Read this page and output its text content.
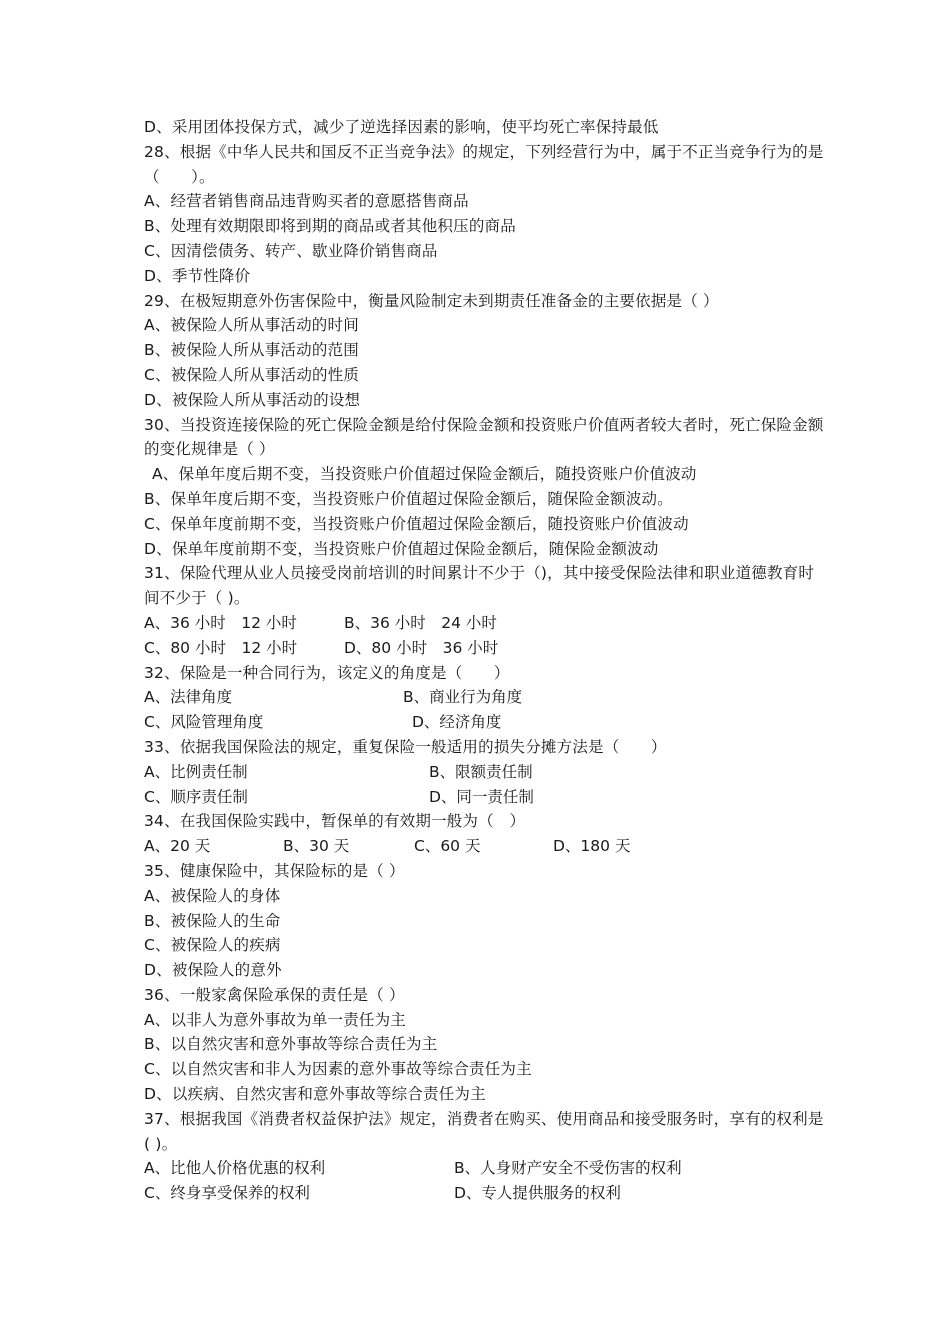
D、采用团体投保方式，减少了逆选择因素的影响，使平均死亡率保持最低
28、根据《中华人民共和国反不正当竞争法》的规定，下列经营行为中，属于不正当竞争行为的是（　　）。
A、经营者销售商品违背购买者的意愿搭售商品
B、处理有效期限即将到期的商品或者其他积压的商品
C、因清偿债务、转产、歇业降价销售商品
D、季节性降价
29、在极短期意外伤害保险中，衡量风险制定未到期责任准备金的主要依据是（ ）
A、被保险人所从事活动的时间
B、被保险人所从事活动的范围
C、被保险人所从事活动的性质
D、被保险人所从事活动的设想
30、当投资连接保险的死亡保险金额是给付保险金额和投资账户价值两者较大者时，死亡保险金额的变化规律是（ ）
A、保单年度后期不变，当投资账户价值超过保险金额后，随投资账户价值波动
B、保单年度后期不变，当投资账户价值超过保险金额后，随保险金额波动。
C、保单年度前期不变，当投资账户价值超过保险金额后，随投资账户价值波动
D、保单年度前期不变，当投资账户价值超过保险金额后，随保险金额波动
31、保险代理从业人员接受岗前培训的时间累计不少于（)，其中接受保险法律和职业道德教育时间不少于（ )。
A、36 小时　12 小时	B、36 小时　24 小时
C、80 小时　12 小时	D、80 小时　36 小时
32、保险是一种合同行为，该定义的角度是（　　）
A、法律角度	B、商业行为角度
C、风险管理角度	D、经济角度
33、依据我国保险法的规定，重复保险一般适用的损失分摊方法是（　　）
A、比例责任制	B、限额责任制
C、顺序责任制	D、同一责任制
34、在我国保险实践中，暂保单的有效期一般为（　）
A、20 天	B、30 天	C、60 天	D、180 天
35、健康保险中，其保险标的是（ ）
A、被保险人的身体
B、被保险人的生命
C、被保险人的疾病
D、被保险人的意外
36、一般家禽保险承保的责任是（ ）
A、以非人为意外事故为单一责任为主
B、以自然灾害和意外事故等综合责任为主
C、以自然灾害和非人为因素的意外事故等综合责任为主
D、以疾病、自然灾害和意外事故等综合责任为主
37、根据我国《消费者权益保护法》规定，消费者在购买、使用商品和接受服务时，享有的权利是( )。
A、比他人价格优惠的权利	B、人身财产安全不受伤害的权利
C、终身享受保养的权利	D、专人提供服务的权利
